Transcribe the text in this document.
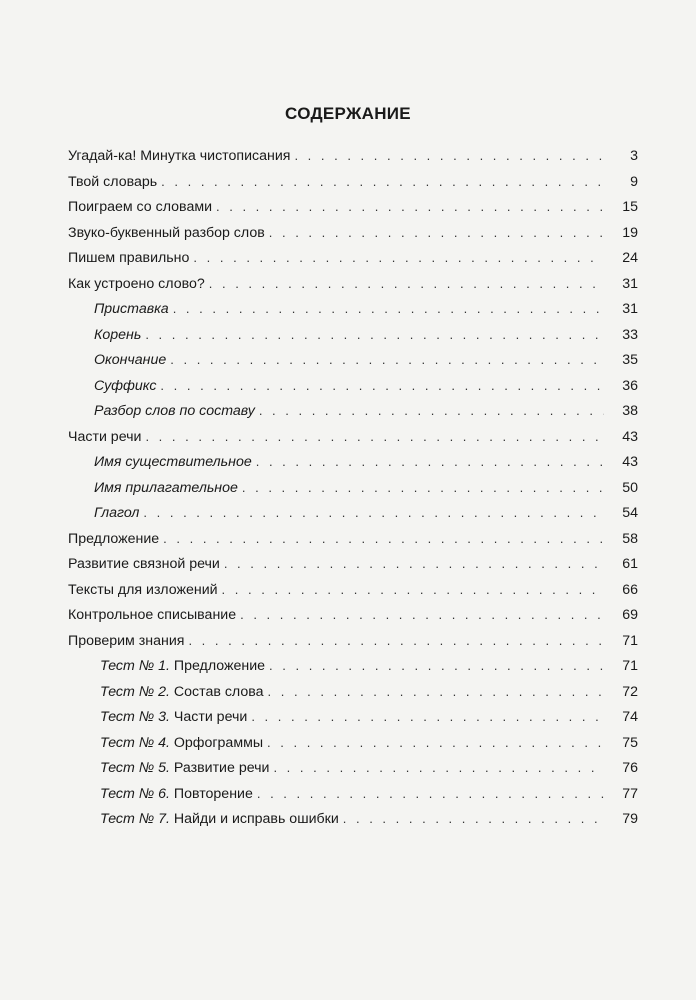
СОДЕРЖАНИЕ
Угадай-ка! Минутка чистописания . . .	3
Твой словарь . . .	9
Поиграем со словами . . .	15
Звуко-буквенный разбор слов . . .	19
Пишем правильно . . .	24
Как устроено слово? . . .	31
Приставка . . .	31
Корень . . .	33
Окончание . . .	35
Суффикс . . .	36
Разбор слов по составу . . .	38
Части речи . . .	43
Имя существительное . . .	43
Имя прилагательное . . .	50
Глагол . . .	54
Предложение . . .	58
Развитие связной речи . . .	61
Тексты для изложений . . .	66
Контрольное списывание . . .	69
Проверим знания . . .	71
Тест № 1. Предложение . . .	71
Тест № 2. Состав слова . . .	72
Тест № 3. Части речи . . .	74
Тест № 4. Орфограммы . . .	75
Тест № 5. Развитие речи . . .	76
Тест № 6. Повторение . . .	77
Тест № 7. Найди и исправь ошибки . . .	79
